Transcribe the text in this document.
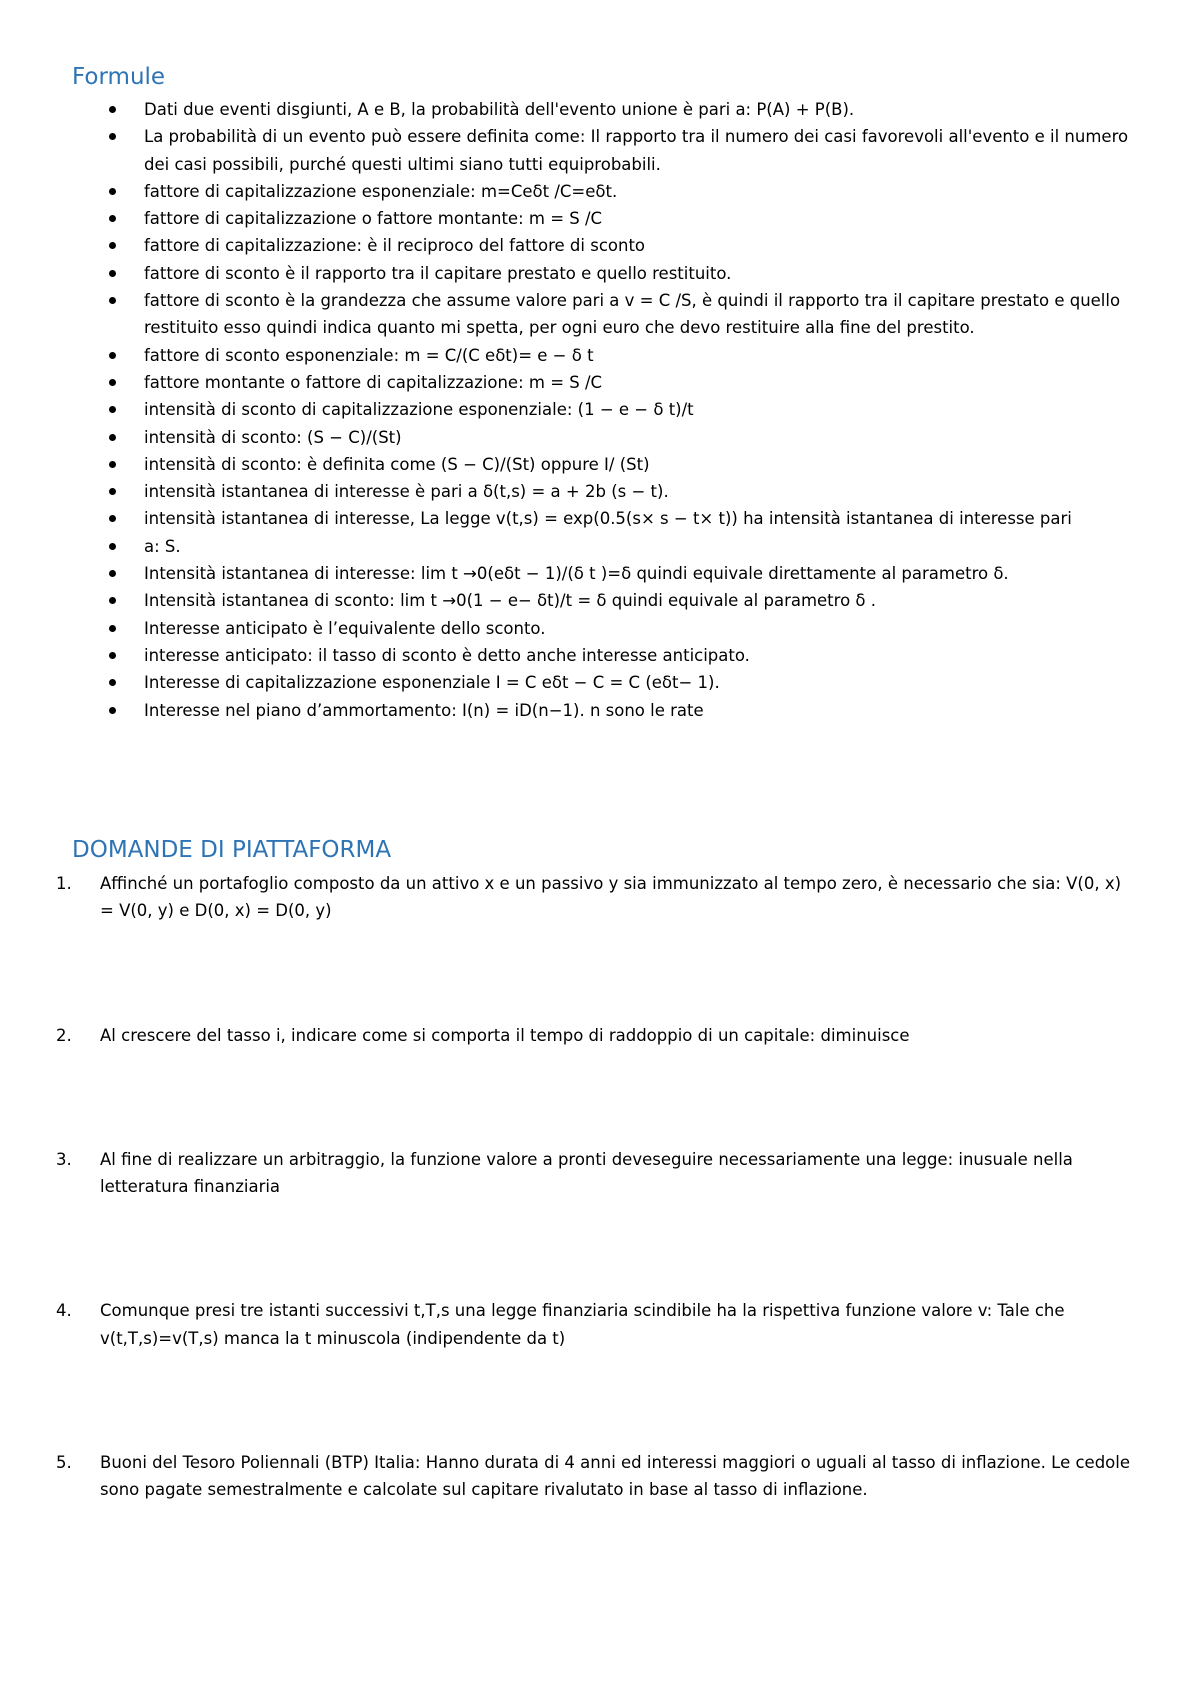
Formule
Dati due eventi disgiunti, A e B, la probabilità dell'evento unione è pari a: P(A) + P(B).
La probabilità di un evento può essere definita come: Il rapporto tra il numero dei casi favorevoli all'evento e il numero dei casi possibili, purché questi ultimi siano tutti equiprobabili.
fattore di capitalizzazione esponenziale: m=Ceδt /C=eδt.
fattore di capitalizzazione o fattore montante: m = S /C
fattore di capitalizzazione: è il reciproco del fattore di sconto
fattore di sconto è il rapporto tra il capitare prestato e quello restituito.
fattore di sconto è la grandezza che assume valore pari a v = C /S, è quindi il rapporto tra il capitare prestato e quello restituito esso quindi indica quanto mi spetta, per ogni euro che devo restituire alla fine del prestito.
fattore di sconto esponenziale: m = C/(C eδt)= e − δ t
fattore montante o fattore di capitalizzazione: m = S /C
intensità di sconto di capitalizzazione esponenziale: (1 − e − δ t)/t
intensità di sconto: (S − C)/(St)
intensità di sconto: è definita come (S − C)/(St) oppure I/ (St)
intensità istantanea di interesse è pari a δ(t,s) = a + 2b (s − t).
intensità istantanea di interesse, La legge v(t,s) = exp(0.5(s× s − t× t)) ha intensità istantanea di interesse pari
a: S.
Intensità istantanea di interesse: lim t →0(eδt − 1)/(δ t )=δ quindi equivale direttamente al parametro δ.
Intensità istantanea di sconto: lim t →0(1 − e− δt)/t = δ quindi equivale al parametro δ .
Interesse anticipato è l’equivalente dello sconto.
interesse anticipato: il tasso di sconto è detto anche interesse anticipato.
Interesse di capitalizzazione esponenziale I = C eδt − C = C (eδt− 1).
Interesse nel piano d’ammortamento: I(n) = iD(n−1). n sono le rate
DOMANDE DI PIATTAFORMA
1. Affinché un portafoglio composto da un attivo x e un passivo y sia immunizzato al tempo zero, è necessario che sia: V(0, x) = V(0, y) e D(0, x) = D(0, y)
2. Al crescere del tasso i, indicare come si comporta il tempo di raddoppio di un capitale: diminuisce
3. Al fine di realizzare un arbitraggio, la funzione valore a pronti deveseguire necessariamente una legge: inusuale nella letteratura finanziaria
4. Comunque presi tre istanti successivi t,T,s una legge finanziaria scindibile ha la rispettiva funzione valore v: Tale che v(t,T,s)=v(T,s) manca la t minuscola (indipendente da t)
5. Buoni del Tesoro Poliennali (BTP) Italia: Hanno durata di 4 anni ed interessi maggiori o uguali al tasso di inflazione. Le cedole sono pagate semestralmente e calcolate sul capitare rivalutato in base al tasso di inflazione.
